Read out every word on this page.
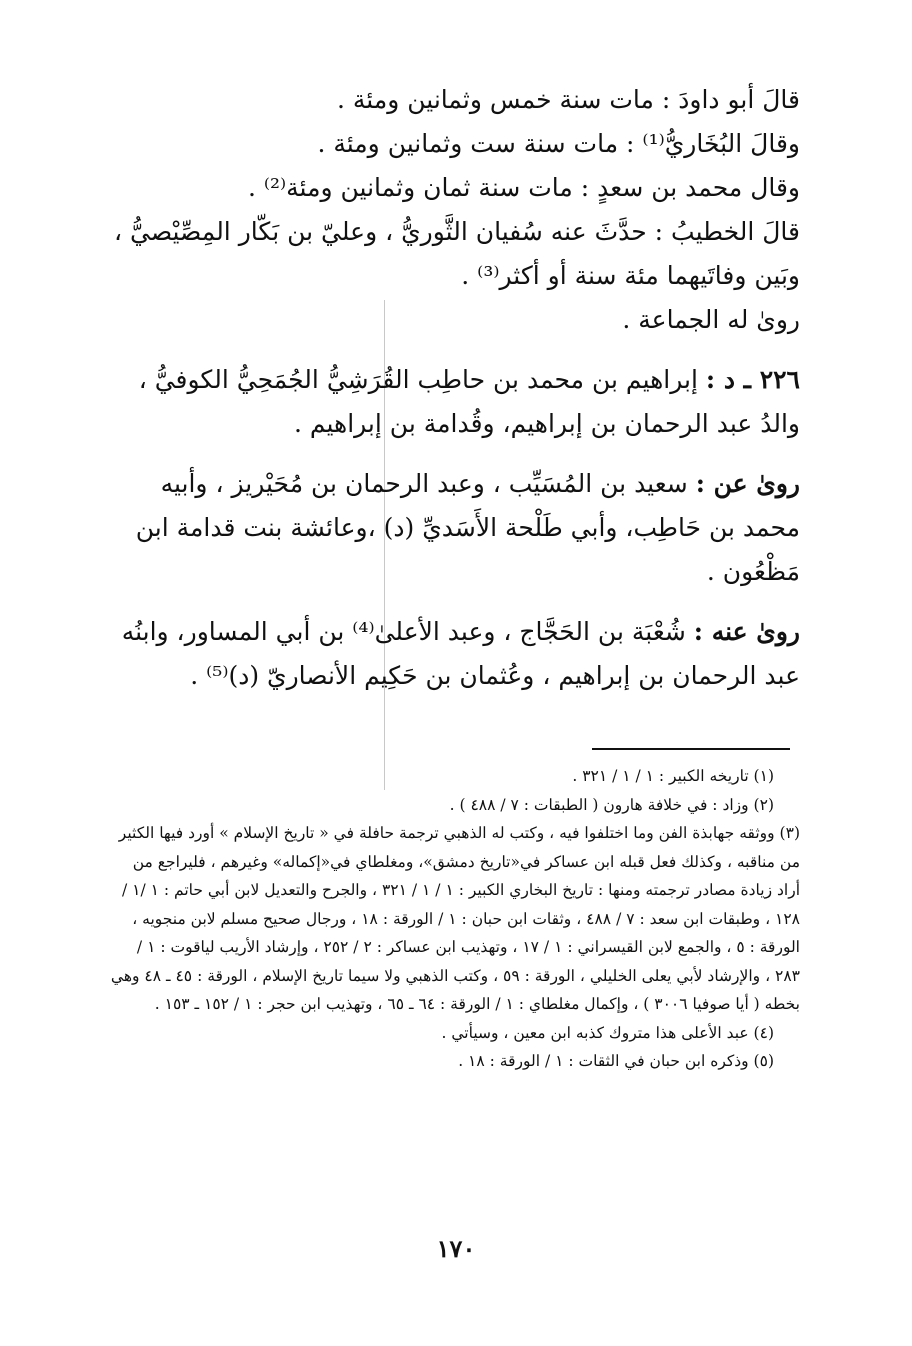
قالَ أبو داودَ : مات سنة خمس وثمانين ومئة .

وقالَ البُخَاريُّ⁽¹⁾ : مات سنة ست وثمانين ومئة .

وقال محمد بن سعدٍ : مات سنة ثمان وثمانين ومئة⁽²⁾ .

قالَ الخطيبُ : حدَّثَ عنه سُفيان الثَّوريُّ ، وعليّ بن بَكّار المِصِّيْصيُّ ، وبَين وفاتَيهما مئة سنة أو أكثر⁽³⁾ .

روىٰ له الجماعة .

٢٢٦ ـ د : إبراهيم بن محمد بن حاطِب القُرَشِيُّ الجُمَحِيُّ الكوفيُّ ، والدُ عبد الرحمان بن إبراهيم، وقُدامة بن إبراهيم .

روىٰ عن : سعيد بن المُسَيِّب ، وعبد الرحمان بن مُحَيْريز ، وأبيه محمد بن حَاطِب، وأبي طَلْحة الأَسَديِّ (د) ،وعائشة بنت قدامة ابن مَظْعُون .

روىٰ عنه : شُعْبَة بن الحَجَّاج ، وعبد الأعلىٰ⁽⁴⁾ بن أبي المساور، وابنُه عبد الرحمان بن إبراهيم ، وعُثمان بن حَكِيم الأنصاريّ (د)⁽⁵⁾ .

(١) تاريخه الكبير : ١ / ١ / ٣٢١ .

(٢) وزاد : في خلافة هارون ( الطبقات : ٧ / ٤٨٨ ) .

(٣) ووثقه جهابذة الفن وما اختلفوا فيه ، وكتب له الذهبي ترجمة حافلة في « تاريخ الإسلام » أورد فيها الكثير من مناقبه ، وكذلك فعل قبله ابن عساكر في«تاريخ دمشق»، ومغلطاي في«إكماله» وغيرهم ، فليراجع من أراد زيادة مصادر ترجمته ومنها : تاريخ البخاري الكبير : ١ / ١ / ٣٢١ ، والجرح والتعديل لابن أبي حاتم : ١ /١ / ١٢٨ ، وطبقات ابن سعد : ٧ / ٤٨٨ ، وثقات ابن حبان : ١ / الورقة : ١٨ ، ورجال صحيح مسلم لابن منجويه ، الورقة : ٥ ، والجمع لابن القيسراني : ١ / ١٧ ، وتهذيب ابن عساكر : ٢ / ٢٥٢ ، وإرشاد الأريب لياقوت : ١ / ٢٨٣ ، والإرشاد لأبي يعلى الخليلي ، الورقة : ٥٩ ، وكتب الذهبي ولا سيما تاريخ الإسلام ، الورقة : ٤٥ ـ ٤٨ وهي بخطه ( أيا صوفيا ٣٠٠٦ ) ، وإكمال مغلطاي : ١ / الورقة : ٦٤ ـ ٦٥ ، وتهذيب ابن حجر : ١ / ١٥٢ ـ ١٥٣ .

(٤) عبد الأعلى هذا متروك كذبه ابن معين ، وسيأتي .

(٥) وذكره ابن حبان في الثقات : ١ / الورقة : ١٨ .

١٧٠
